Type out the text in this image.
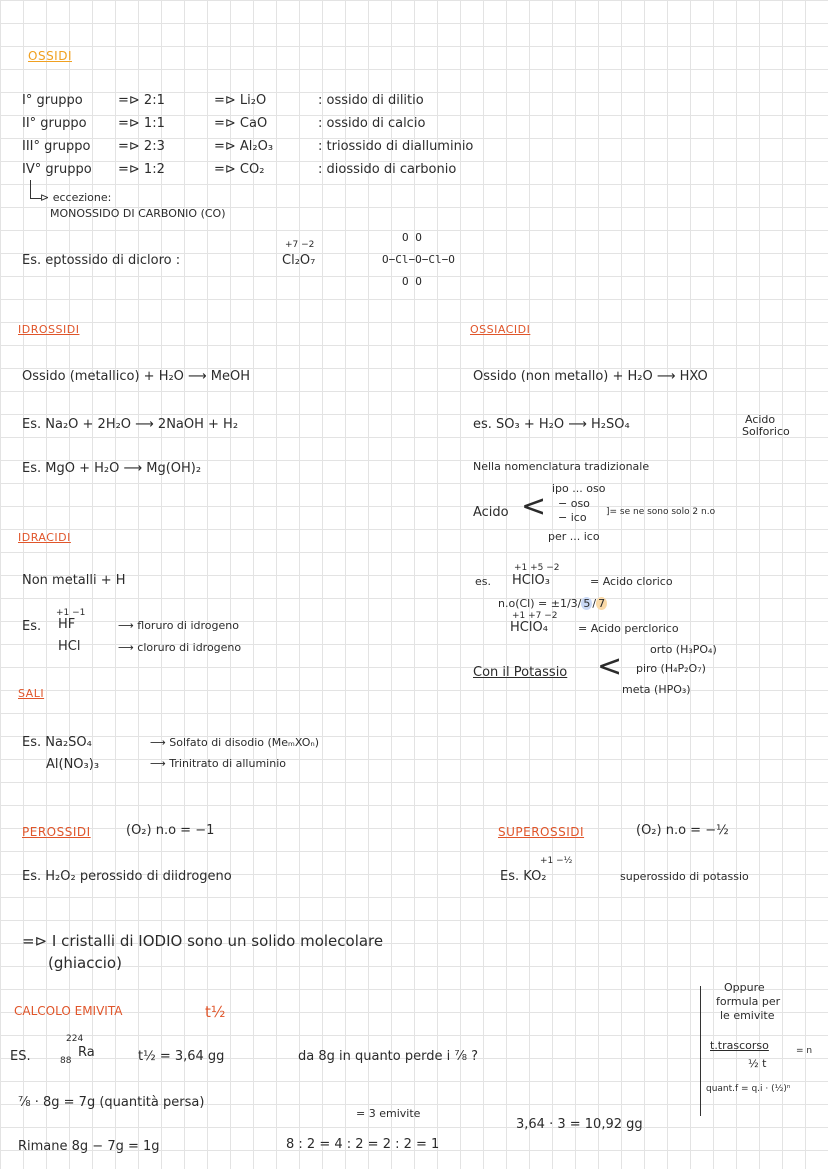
OSSIDI
I° gruppo	=⊳ 2:1	=⊳ Li₂O	: ossido di dilitio
II° gruppo =⊳ 1:1	=⊳ CaO	: ossido di calcio
III° gruppo =⊳ 2:3	=⊳ Al₂O₃	: triossido di dialluminio
IV° gruppo =⊳ 1:2	=⊳ CO₂	: diossido di carbonio
⊳ eccezione:
MONOSSIDO DI CARBONIO (CO)
Es. eptossido di dicloro :
+7 −2
Cl₂O₇
O O
O−Cl−O−Cl−O
O O
IDROSSIDI
Ossido (metallico) + H₂O ⟶ MeOH
Es. Na₂O + 2H₂O ⟶ 2NaOH + H₂
Es. MgO + H₂O ⟶ Mg(OH)₂
OSSIACIDI
Ossido (non metallo) + H₂O ⟶ HXO
es. SO₃ + H₂O ⟶ H₂SO₄	Acido
Solforico
Nella nomenclatura tradizionale
Acido <
ipo ... oso
− oso
− ico
per ... ico
]= se ne sono solo 2 n.o
+1 +5 −2
es. HClO₃	= Acido clorico
n.o(Cl) = ±1/3/ 5 / 7
+1 +7 −2
HClO₄	= Acido perclorico
Con il Potassio <	orto (H₃PO₄)
piro (H₄P₂O₇)
meta (HPO₃)
IDRACIDI
Non metalli + H
+1 −1
Es. HF	⟶ floruro di idrogeno
HCl	⟶ cloruro di idrogeno
SALI
Es. Na₂SO₄	⟶ Solfato di disodio (MeₘXOₙ)
Al(NO₃)₃	⟶ Trinitrato di alluminio
PEROSSIDI	(O₂) n.o = −1
Es. H₂O₂ perossido di diidrogeno
SUPEROSSIDI	(O₂) n.o = −½
+1 −½
Es. KO₂	superossido di potassio
=⊳ I cristalli di IODIO sono un solido molecolare
(ghiaccio)
CALCOLO EMIVITA	t½
ES.
224
88
Ra	t½ = 3,64 gg	da 8g in quanto perde i ⅞ ?
⅞ · 8g = 7g (quantità persa)
Rimane 8g − 7g = 1g
= 3 emivite
8 : 2 = 4 : 2 = 2 : 2 = 1
3,64 · 3 = 10,92 gg
Oppure
formula per
le emivite
t.trascorso	= n
½ t
quant.f = q.i · (½)ⁿ
